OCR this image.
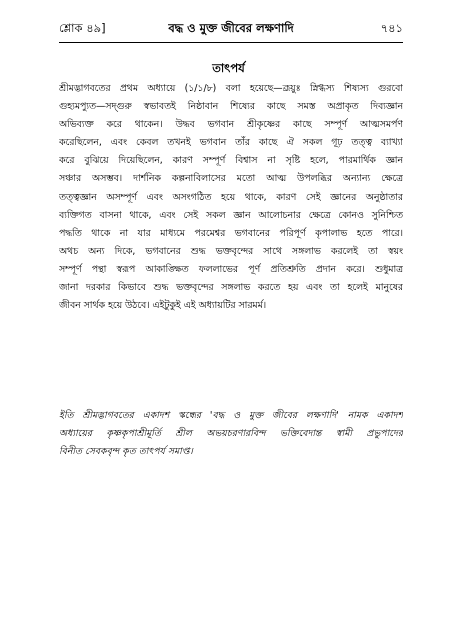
শ্লোক ৪৯]	বদ্ধ ও মুক্ত জীবের লক্ষণাদি	৭৪১
তাৎপর্য
শ্রীমদ্ভাগবতের প্রথম অধ্যায়ে (১/১/৮) বলা হয়েছে—ব্রূয়ুঃ স্নিগ্ধস্য শিষ্যস্য গুরবো
গুহ্যমপ্যুত—সদ্গুরু স্বভাবতই নিষ্ঠাবান শিষ্যের কাছে সমস্ত অপ্রাকৃত দিব্যজ্ঞান
অভিব্যক্ত করে থাকেন। উদ্ধব ভগবান শ্রীকৃষ্ণের কাছে সম্পূর্ণ আত্মসমর্পণ
করেছিলেন, এবং কেবল তখনই ভগবান তাঁর কাছে ঐ সকল গূঢ় তত্ত্ব ব্যাখ্যা
করে বুঝিয়ে দিয়েছিলেন, কারণ সম্পূর্ণ বিশ্বাস না সৃষ্টি হলে, পারমার্থিক জ্ঞান
সঞ্চার অসম্ভব। দার্শনিক কল্পনাবিলাসের মতো আত্ম উপলব্ধির অন্যান্য ক্ষেত্রে
তত্ত্বজ্ঞান অসম্পূর্ণ এবং অসংগঠিত হয়ে থাকে, কারণ সেই জ্ঞানের অনুষ্ঠাতার
ব্যক্তিগত বাসনা থাকে, এবং সেই সকল জ্ঞান আলোচনার ক্ষেত্রে কোনও সুনিশ্চিত
পদ্ধতি থাকে না যার মাধ্যমে পরমেশ্বর ভগবানের পরিপূর্ণ কৃপালাভ হতে পারে।
অথচ অন্য দিকে, ভগবানের শুদ্ধ ভক্তবৃন্দের সাথে সঙ্গলাভ করলেই তা স্বয়ং
সম্পূর্ণ পন্থা স্বরূপ আকাঙ্ক্ষিত ফললাভের পূর্ণ প্রতিশ্রুতি প্রদান করে। শুধুমাত্র
জানা দরকার কিভাবে শুদ্ধ ভক্তবৃন্দের সঙ্গলাভ করতে হয় এবং তা হলেই মানুষের
জীবন সার্থক হয়ে উঠবে। এইটুকুই এই অধ্যায়টির সারমর্ম।
ইতি শ্রীমদ্ভাগবতের একাদশ স্কন্ধের 'বদ্ধ ও মুক্ত জীবের লক্ষণাদি' নামক একাদশ
অধ্যায়ের কৃষ্ণকৃপাশ্রীমূর্তি শ্রীল অভয়চরণারবিন্দ ভক্তিবেদান্ত স্বামী প্রভুপাদের
বিনীত সেবকবৃন্দ কৃত তাৎপর্য সমাপ্ত।
